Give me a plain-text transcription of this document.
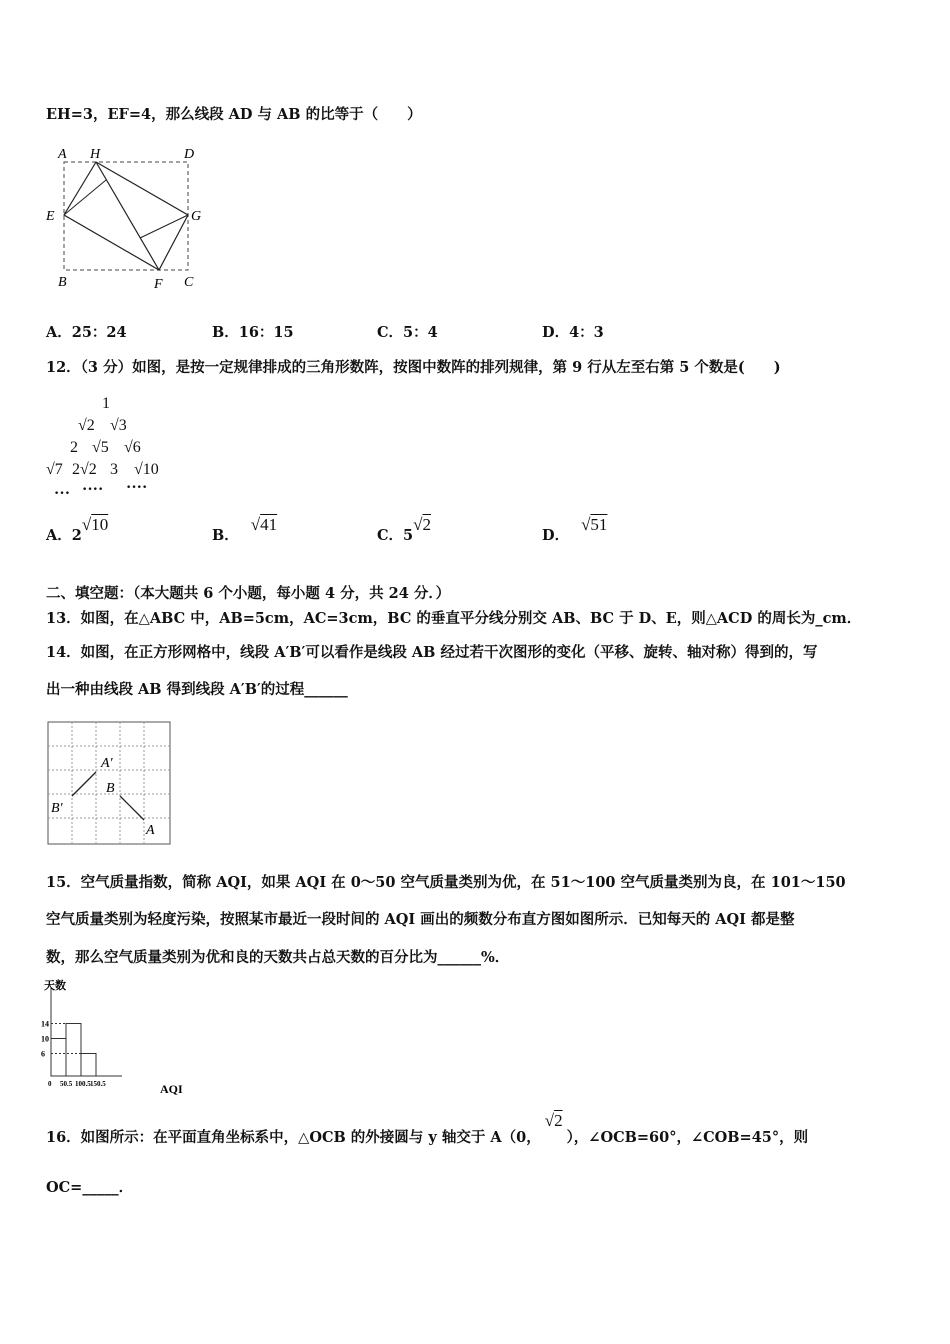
EH=3，EF=4，那么线段 AD 与 AB 的比等于（　　）
A H	D
E	G
B	F C
A．25：24	B．16：15	C．5：4	D．4：3
12．（3 分）如图，是按一定规律排成的三角形数阵，按图中数阵的排列规律，第 9 行从左至右第 5 个数是(　　)
1
√2 √3
2 √5 √6
√7 2√2 3 √10
… ···· ····
A．2√10
B．√41
C．5√2
D．√51
二、填空题：（本大题共 6 个小题，每小题 4 分，共 24 分．）
13．如图，在△ABC 中，AB=5cm，AC=3cm，BC 的垂直平分线分别交 AB、BC 于 D、E，则△ACD 的周长为_cm．
14．如图，在正方形网格中，线段 A′B′可以看作是线段 AB 经过若干次图形的变化（平移、旋转、轴对称）得到的，写
出一种由线段 AB 得到线段 A′B′的过程______
A′
B′
B
A
15．空气质量指数，简称 AQI，如果 AQI 在 0～50 空气质量类别为优，在 51～100 空气质量类别为良，在 101～150
空气质量类别为轻度污染，按照某市最近一段时间的 AQI 画出的频数分布直方图如图所示．已知每天的 AQI 都是整
数，那么空气质量类别为优和良的天数共占总天数的百分比为______%．
天数
AQI
6
10
14
0 50.5 100.5 150.5
16．如图所示：在平面直角坐标系中，△OCB 的外接圆与 y 轴交于 A（0，√2），∠OCB=60°，∠COB=45°，则
OC=_____．
